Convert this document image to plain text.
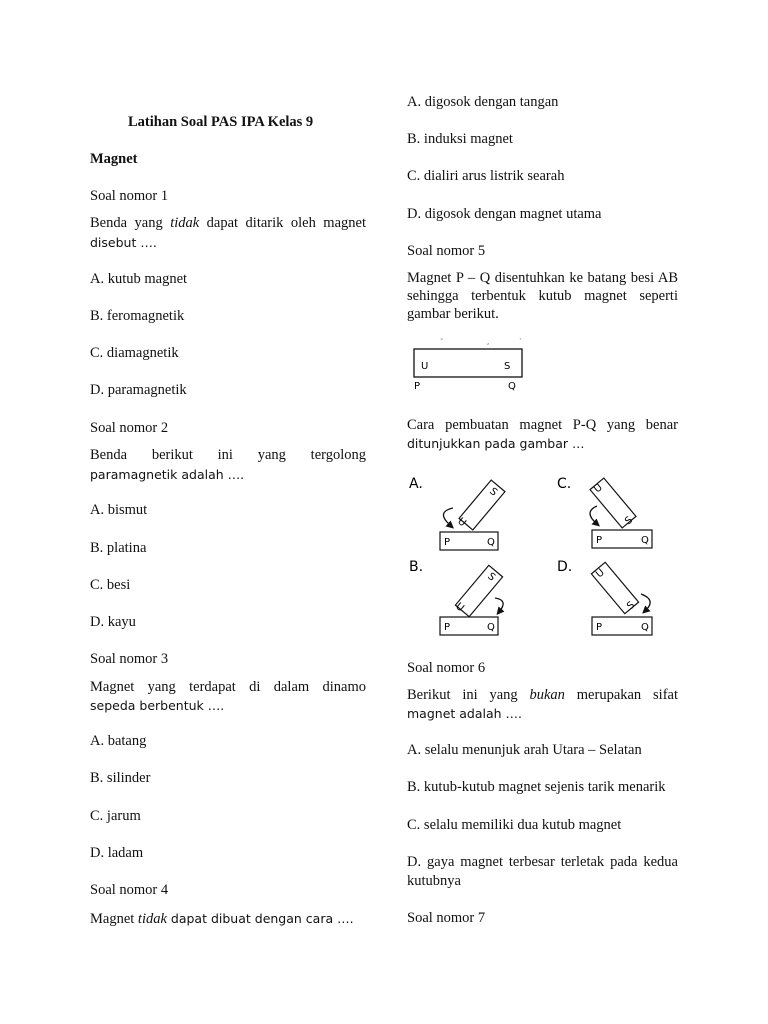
Latihan Soal PAS IPA Kelas 9
Magnet
Soal nomor 1
Benda yang tidak dapat ditarik oleh magnet
disebut ….
A. kutub magnet
B. feromagnetik
C. diamagnetik
D. paramagnetik
Soal nomor 2
Benda berikut ini yang tergolong
paramagnetik adalah ….
A. bismut
B. platina
C. besi
D. kayu
Soal nomor 3
Magnet yang terdapat di dalam dinamo
sepeda berbentuk ….
A. batang
B. silinder
C. jarum
D. ladam
Soal nomor 4
Magnet tidak dapat dibuat dengan cara ….
A. digosok dengan tangan
B. induksi magnet
C. dialiri arus listrik searah
D. digosok dengan magnet utama
Soal nomor 5
Magnet P – Q disentuhkan ke batang besi AB
sehingga terbentuk kutub magnet seperti
gambar berikut.
˘	,	`
U	S
P	Q
Cara pembuatan magnet P-Q yang benar
ditunjukkan pada gambar …
A.
S
U
P	Q
C. U
S
P	Q
B.
S
U
P	Q
D. U
S
P	Q
Soal nomor 6
Berikut ini yang bukan merupakan sifat
magnet adalah ….
A. selalu menunjuk arah Utara – Selatan
B. kutub-kutub magnet sejenis tarik menarik
C. selalu memiliki dua kutub magnet
D. gaya magnet terbesar terletak pada kedua
kutubnya
Soal nomor 7
